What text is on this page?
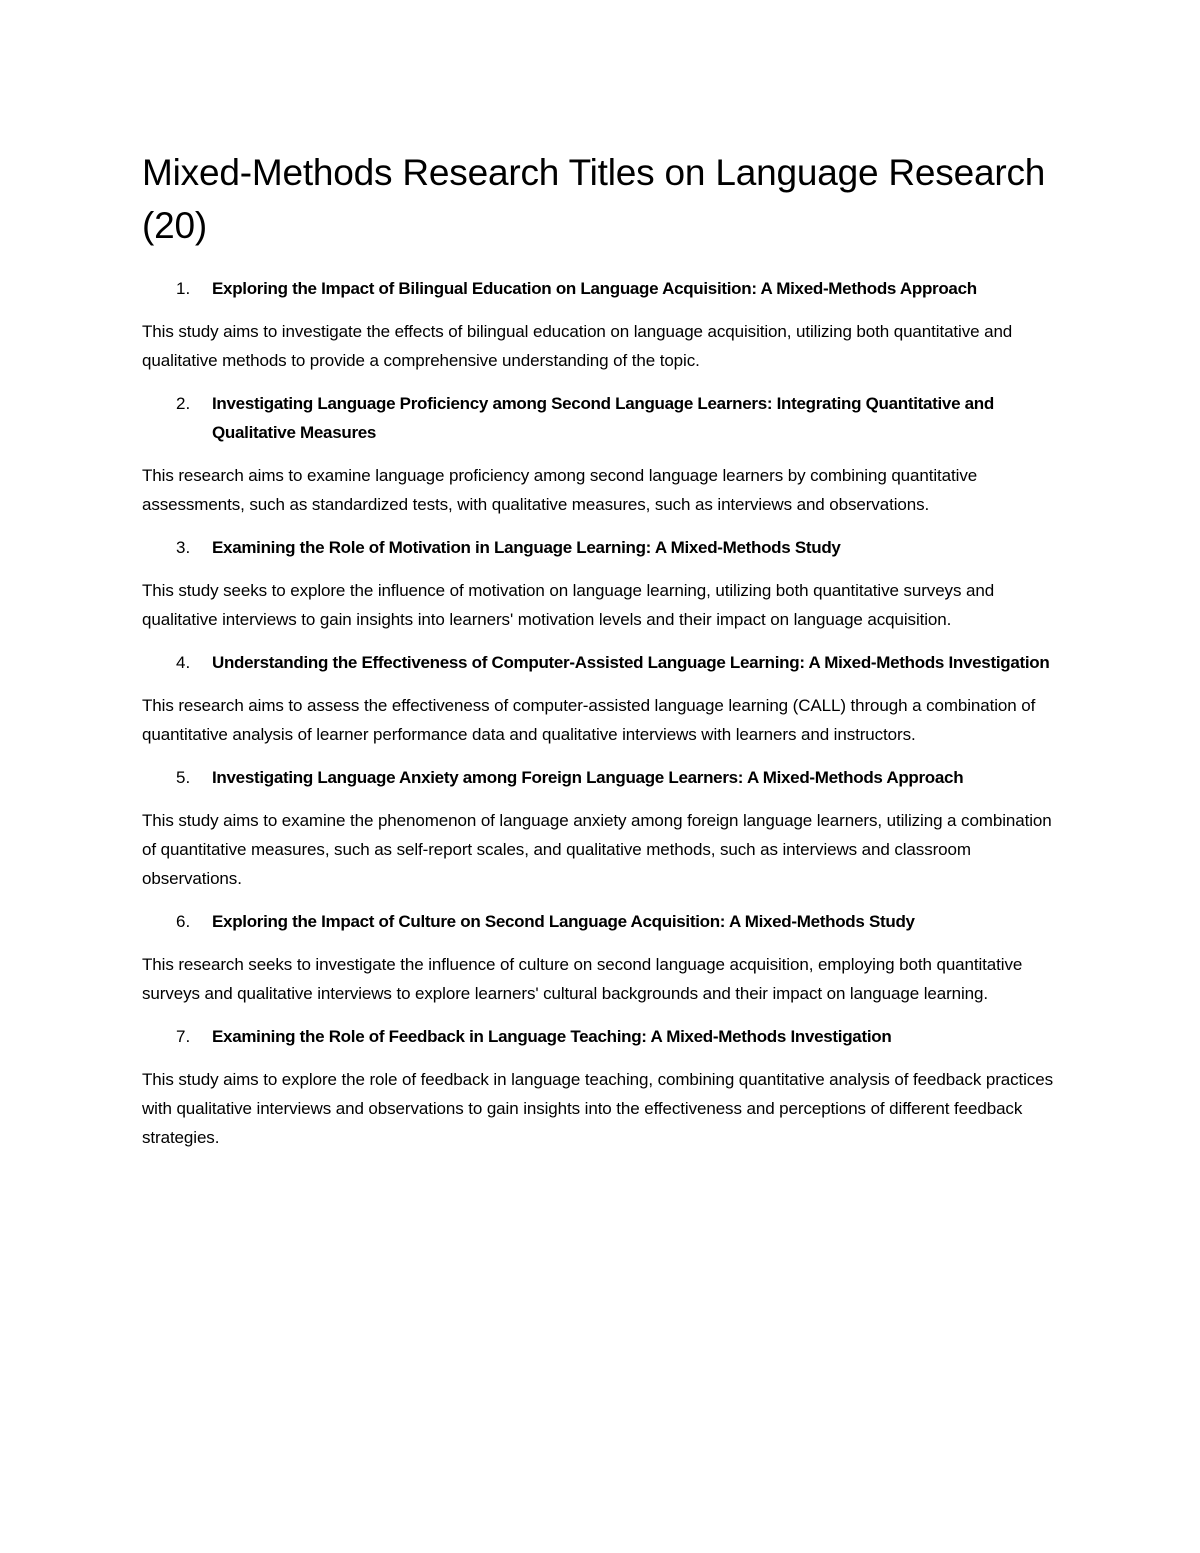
Mixed-Methods Research Titles on Language Research (20)
1.	Exploring the Impact of Bilingual Education on Language Acquisition: A Mixed-Methods Approach

This study aims to investigate the effects of bilingual education on language acquisition, utilizing both quantitative and qualitative methods to provide a comprehensive understanding of the topic.

2.	Investigating Language Proficiency among Second Language Learners: Integrating Quantitative and Qualitative Measures

This research aims to examine language proficiency among second language learners by combining quantitative assessments, such as standardized tests, with qualitative measures, such as interviews and observations.

3.	Examining the Role of Motivation in Language Learning: A Mixed-Methods Study

This study seeks to explore the influence of motivation on language learning, utilizing both quantitative surveys and qualitative interviews to gain insights into learners' motivation levels and their impact on language acquisition.

4.	Understanding the Effectiveness of Computer-Assisted Language Learning: A Mixed-Methods Investigation

This research aims to assess the effectiveness of computer-assisted language learning (CALL) through a combination of quantitative analysis of learner performance data and qualitative interviews with learners and instructors.

5.	Investigating Language Anxiety among Foreign Language Learners: A Mixed-Methods Approach

This study aims to examine the phenomenon of language anxiety among foreign language learners, utilizing a combination of quantitative measures, such as self-report scales, and qualitative methods, such as interviews and classroom observations.

6.	Exploring the Impact of Culture on Second Language Acquisition: A Mixed-Methods Study

This research seeks to investigate the influence of culture on second language acquisition, employing both quantitative surveys and qualitative interviews to explore learners' cultural backgrounds and their impact on language learning.

7.	Examining the Role of Feedback in Language Teaching: A Mixed-Methods Investigation

This study aims to explore the role of feedback in language teaching, combining quantitative analysis of feedback practices with qualitative interviews and observations to gain insights into the effectiveness and perceptions of different feedback strategies.
